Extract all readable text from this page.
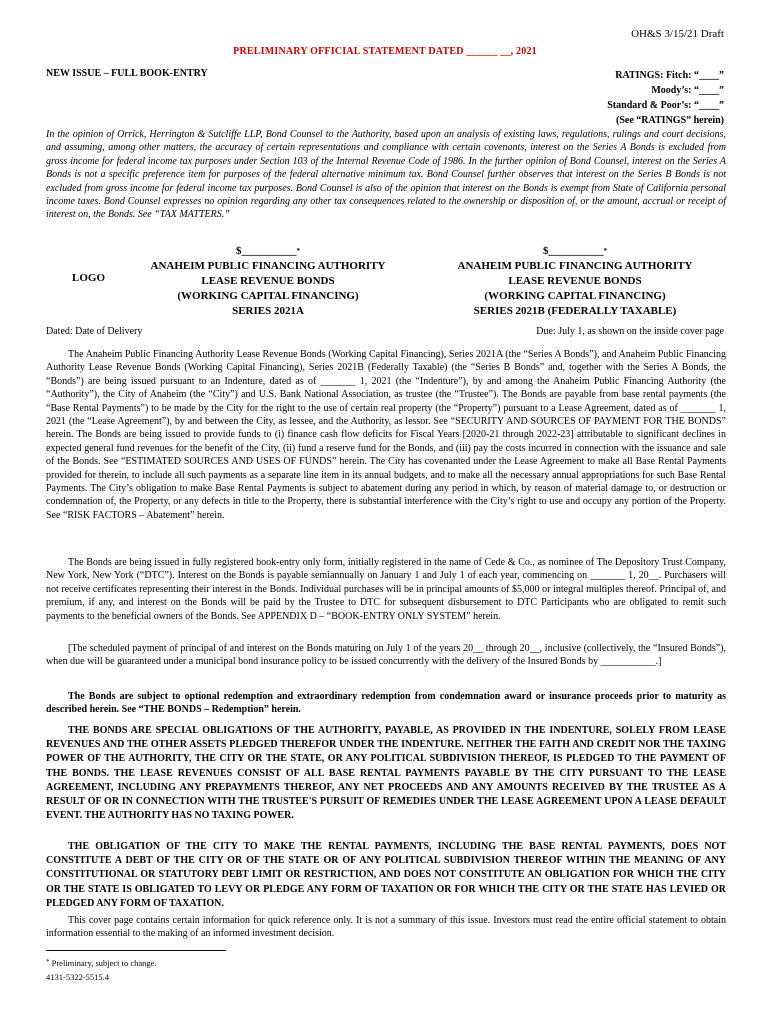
OH&S 3/15/21 Draft
PRELIMINARY OFFICIAL STATEMENT DATED ______ __, 2021
NEW ISSUE – FULL BOOK-ENTRY	RATINGS: Fitch: “____”
Moody’s: “____”
Standard & Poor’s: “____”
(See “RATINGS” herein)

In the opinion of Orrick, Herrington & Sutcliffe LLP, Bond Counsel to the Authority, based upon an analysis of existing laws, regulations, rulings and court decisions, and assuming, among other matters, the accuracy of certain representations and compliance with certain covenants, interest on the Series A Bonds is excluded from gross income for federal income tax purposes under Section 103 of the Internal Revenue Code of 1986. In the further opinion of Bond Counsel, interest on the Series A Bonds is not a specific preference item for purposes of the federal alternative minimum tax. Bond Counsel further observes that interest on the Series B Bonds is not excluded from gross income for federal income tax purposes. Bond Counsel is also of the opinion that interest on the Bonds is exempt from State of California personal income taxes. Bond Counsel expresses no opinion regarding any other tax consequences related to the ownership or disposition of, or the amount, accrual or receipt of interest on, the Bonds. See “TAX MATTERS.”

LOGO
$__________*
ANAHEIM PUBLIC FINANCING AUTHORITY
LEASE REVENUE BONDS
(WORKING CAPITAL FINANCING)
SERIES 2021A
$__________*
ANAHEIM PUBLIC FINANCING AUTHORITY
LEASE REVENUE BONDS
(WORKING CAPITAL FINANCING)
SERIES 2021B (FEDERALLY TAXABLE)
Dated: Date of Delivery	Due: July 1, as shown on the inside cover page

The Anaheim Public Financing Authority Lease Revenue Bonds (Working Capital Financing), Series 2021A (the “Series A Bonds”), and Anaheim Public Financing Authority Lease Revenue Bonds (Working Capital Financing), Series 2021B (Federally Taxable) (the “Series B Bonds” and, together with the Series A Bonds, the “Bonds”) are being issued pursuant to an Indenture, dated as of _______ 1, 2021 (the “Indenture”), by and among the Anaheim Public Financing Authority (the “Authority”), the City of Anaheim (the “City”) and U.S. Bank National Association, as trustee (the “Trustee”). The Bonds are payable from base rental payments (the “Base Rental Payments”) to be made by the City for the right to the use of certain real property (the “Property”) pursuant to a Lease Agreement, dated as of _______ 1, 2021 (the “Lease Agreement”), by and between the City, as lessee, and the Authority, as lessor. See “SECURITY AND SOURCES OF PAYMENT FOR THE BONDS” herein. The Bonds are being issued to provide funds to (i) finance cash flow deficits for Fiscal Years [2020-21 through 2022-23] attributable to significant declines in expected general fund revenues for the benefit of the City, (ii) fund a reserve fund for the Bonds, and (iii) pay the costs incurred in connection with the issuance and sale of the Bonds. See “ESTIMATED SOURCES AND USES OF FUNDS” herein. The City has covenanted under the Lease Agreement to make all Base Rental Payments provided for therein, to include all such payments as a separate line item in its annual budgets, and to make all the necessary annual appropriations for such Base Rental Payments. The City’s obligation to make Base Rental Payments is subject to abatement during any period in which, by reason of material damage to, or destruction or condemnation of, the Property, or any defects in title to the Property, there is substantial interference with the City’s right to use and occupy any portion of the Property. See “RISK FACTORS – Abatement” herein.

The Bonds are being issued in fully registered book-entry only form, initially registered in the name of Cede & Co., as nominee of The Depository Trust Company, New York, New York (“DTC”). Interest on the Bonds is payable semiannually on January 1 and July 1 of each year, commencing on _______ 1, 20__. Purchasers will not receive certificates representing their interest in the Bonds. Individual purchases will be in principal amounts of $5,000 or integral multiples thereof. Principal of, and premium, if any, and interest on the Bonds will be paid by the Trustee to DTC for subsequent disbursement to DTC Participants who are obligated to remit such payments to the beneficial owners of the Bonds. See APPENDIX D – “BOOK-ENTRY ONLY SYSTEM” herein.

[The scheduled payment of principal of and interest on the Bonds maturing on July 1 of the years 20__ through 20__, inclusive (collectively, the “Insured Bonds”), when due will be guaranteed under a municipal bond insurance policy to be issued concurrently with the delivery of the Insured Bonds by ___________.]

The Bonds are subject to optional redemption and extraordinary redemption from condemnation award or insurance proceeds prior to maturity as described herein. See “THE BONDS – Redemption” herein.

THE BONDS ARE SPECIAL OBLIGATIONS OF THE AUTHORITY, PAYABLE, AS PROVIDED IN THE INDENTURE, SOLELY FROM LEASE REVENUES AND THE OTHER ASSETS PLEDGED THEREFOR UNDER THE INDENTURE. NEITHER THE FAITH AND CREDIT NOR THE TAXING POWER OF THE AUTHORITY, THE CITY OR THE STATE, OR ANY POLITICAL SUBDIVISION THEREOF, IS PLEDGED TO THE PAYMENT OF THE BONDS. THE LEASE REVENUES CONSIST OF ALL BASE RENTAL PAYMENTS PAYABLE BY THE CITY PURSUANT TO THE LEASE AGREEMENT, INCLUDING ANY PREPAYMENTS THEREOF, ANY NET PROCEEDS AND ANY AMOUNTS RECEIVED BY THE TRUSTEE AS A RESULT OF OR IN CONNECTION WITH THE TRUSTEE'S PURSUIT OF REMEDIES UNDER THE LEASE AGREEMENT UPON A LEASE DEFAULT EVENT. THE AUTHORITY HAS NO TAXING POWER.

THE OBLIGATION OF THE CITY TO MAKE THE RENTAL PAYMENTS, INCLUDING THE BASE RENTAL PAYMENTS, DOES NOT CONSTITUTE A DEBT OF THE CITY OR OF THE STATE OR OF ANY POLITICAL SUBDIVISION THEREOF WITHIN THE MEANING OF ANY CONSTITUTIONAL OR STATUTORY DEBT LIMIT OR RESTRICTION, AND DOES NOT CONSTITUTE AN OBLIGATION FOR WHICH THE CITY OR THE STATE IS OBLIGATED TO LEVY OR PLEDGE ANY FORM OF TAXATION OR FOR WHICH THE CITY OR THE STATE HAS LEVIED OR PLEDGED ANY FORM OF TAXATION.

This cover page contains certain information for quick reference only. It is not a summary of this issue. Investors must read the entire official statement to obtain information essential to the making of an informed investment decision.

* Preliminary, subject to change.
4131-5322-5515.4
